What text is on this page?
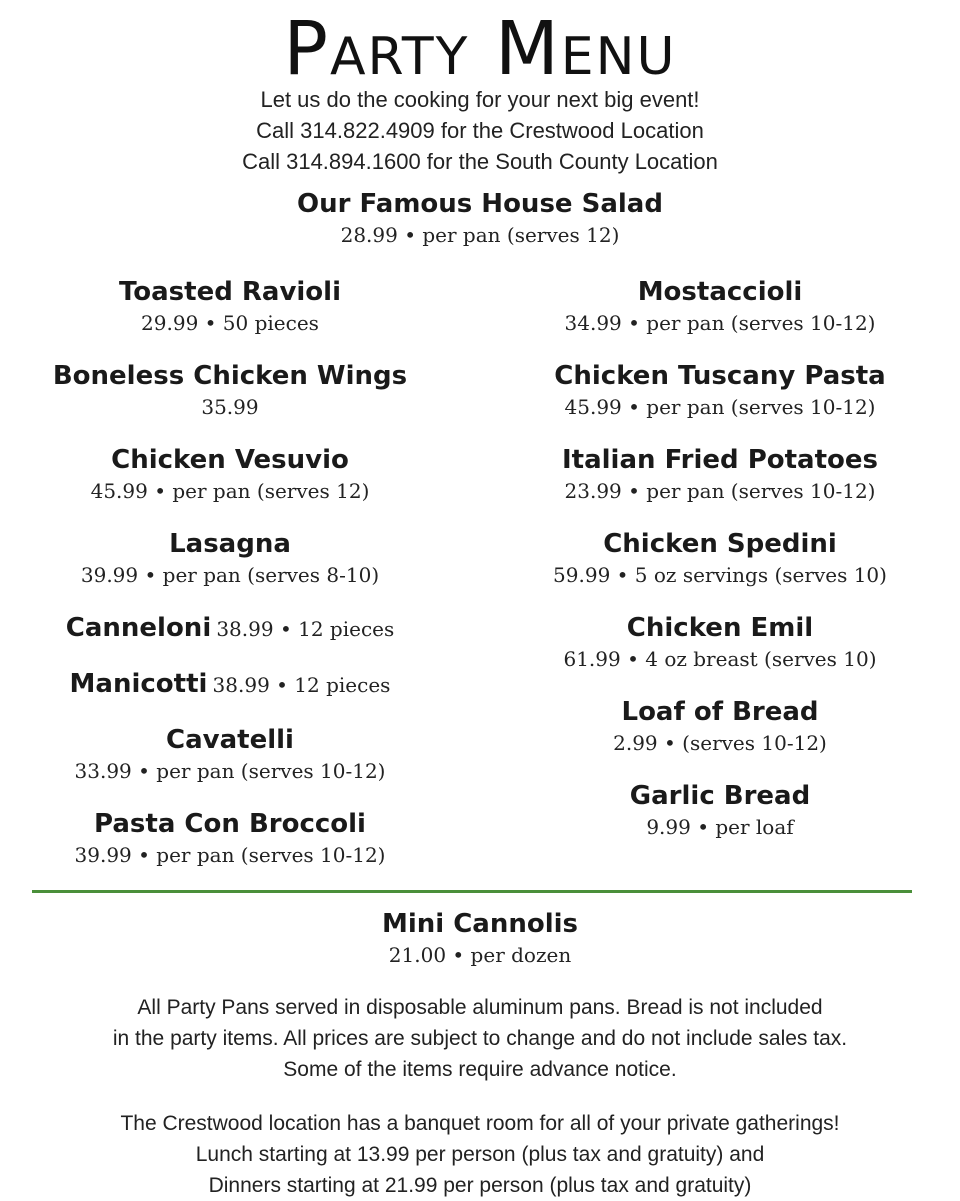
Party Menu

Let us do the cooking for your next big event!

Call 314.822.4909 for the Crestwood Location

Call 314.894.1600 for the South County Location

Our Famous House Salad
28.99 • per pan (serves 12)
Toasted Ravioli
29.99 • 50 pieces
Boneless Chicken Wings
35.99
Chicken Vesuvio
45.99 • per pan (serves 12)
Lasagna
39.99 • per pan (serves 8-10)
Canneloni 38.99 • 12 pieces
Manicotti 38.99 • 12 pieces
Cavatelli
33.99 • per pan (serves 10-12)
Pasta Con Broccoli
39.99 • per pan (serves 10-12)
Mostaccioli
34.99 • per pan (serves 10-12)
Chicken Tuscany Pasta
45.99 • per pan (serves 10-12)
Italian Fried Potatoes
23.99 • per pan (serves 10-12)
Chicken Spedini
59.99 • 5 oz servings (serves 10)
Chicken Emil
61.99 • 4 oz breast (serves 10)
Loaf of Bread
2.99 • (serves 10-12)
Garlic Bread
9.99 • per loaf
Mini Cannolis
21.00 • per dozen
All Party Pans served in disposable aluminum pans. Bread is not included
in the party items. All prices are subject to change and do not include sales tax.
Some of the items require advance notice.
The Crestwood location has a banquet room for all of your private gatherings!
Lunch starting at 13.99 per person (plus tax and gratuity) and
Dinners starting at 21.99 per person (plus tax and gratuity)
